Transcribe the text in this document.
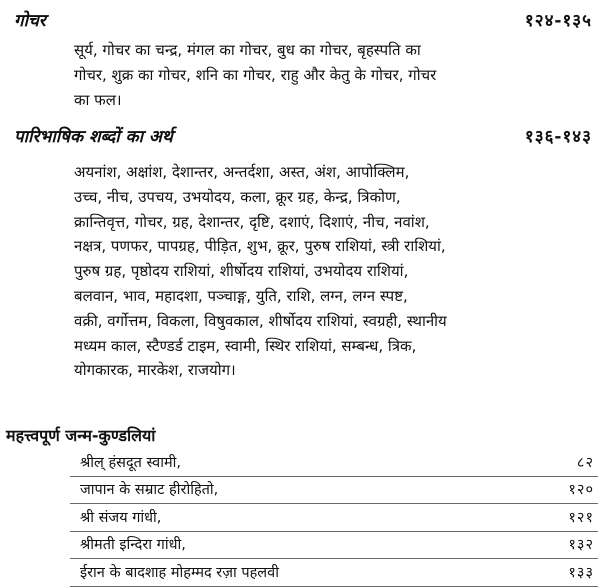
गोचर	१२४-१३५
सूर्य, गोचर का चन्द्र, मंगल का गोचर, बुध का गोचर, बृहस्पति का
गोचर, शुक्र का गोचर, शनि का गोचर, राहु और केतु के गोचर, गोचर
का फल।
पारिभाषिक शब्दों का अर्थ	१३६-१४३
अयनांश, अक्षांश, देशान्तर, अन्तर्दशा, अस्त, अंश, आपोक्लिम,
उच्च, नीच, उपचय, उभयोदय, कला, क्रूर ग्रह, केन्द्र, त्रिकोण,
क्रान्तिवृत्त, गोचर, ग्रह, देशान्तर, दृष्टि, दशाएं, दिशाएं, नीच, नवांश,
नक्षत्र, पणफर, पापग्रह, पीड़ित, शुभ, क्रूर, पुरुष राशियां, स्त्री राशियां,
पुरुष ग्रह, पृष्ठोदय राशियां, शीर्षोदय राशियां, उभयोदय राशियां,
बलवान, भाव, महादशा, पञ्चाङ्ग, युति, राशि, लग्न, लग्न स्पष्ट,
वक्री, वर्गोत्तम, विकला, विषुवकाल, शीर्षोदय राशियां, स्वग्रही, स्थानीय
मध्यम काल, स्टैण्डर्ड टाइम, स्वामी, स्थिर राशियां, सम्बन्ध, त्रिक,
योगकारक, मारकेश, राजयोग।
महत्त्वपूर्ण जन्म-कुण्डलियां
श्रील् हंसदूत स्वामी,	८२
जापान के सम्राट हीरोहितो,	१२०
श्री संजय गांधी,	१२१
श्रीमती इन्दिरा गांधी,	१३२
ईरान के बादशाह मोहम्मद रज़ा पहलवी	१३३
